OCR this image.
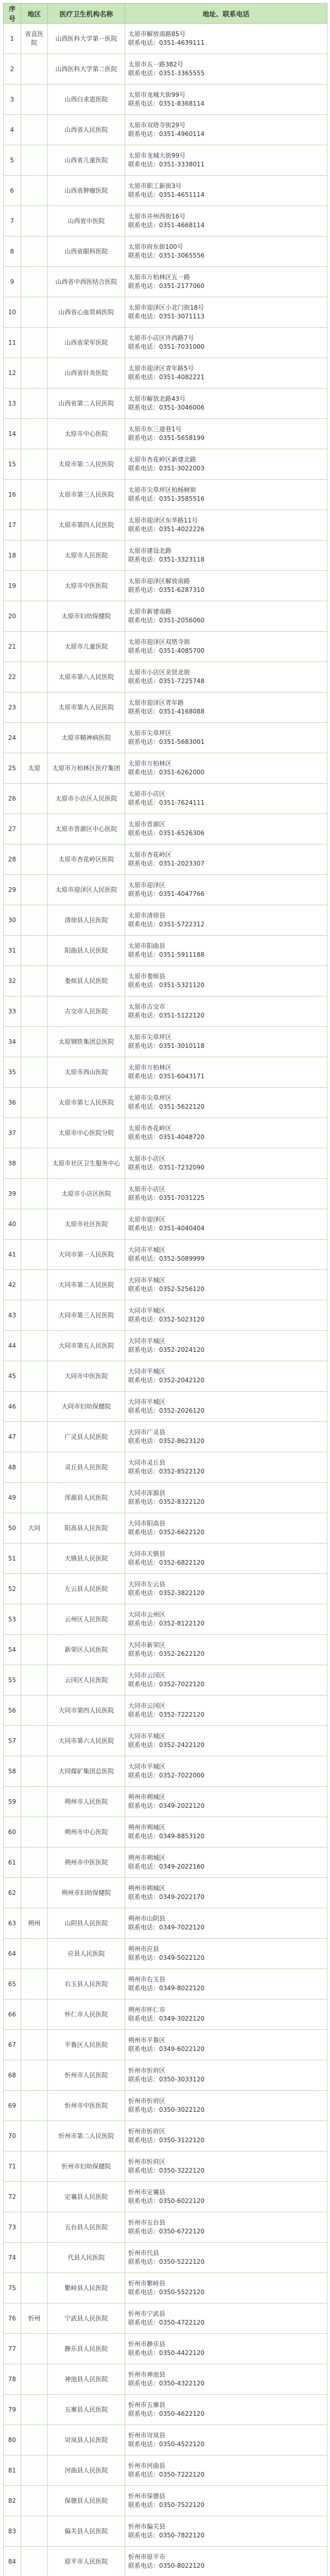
序号	地区	医疗卫生机构名称	地址、联系电话
1	省直医院	山西医科大学第一医院	太原市解放南路85号
联系电话：0351-4639111

2		山西医科大学第二医院	太原市五一路382号
联系电话：0351-3365555

3		山西白求恩医院	太原市龙城大街99号
联系电话：0351-8368114

4		山西省人民医院	太原市双塔寺街29号
联系电话：0351-4960114

5		山西省儿童医院	太原市龙城大街99号
联系电话：0351-3338011

6		山西省肿瘤医院	太原市职工新街3号
联系电话：0351-4651114

7		山西省中医院	太原市并州西街16号
联系电话：0351-4668114

8		山西省眼科医院	太原市府东街100号
联系电话：0351-3065556

9		山西省中西医结合医院	太原市万柏林区五一路
联系电话：0351-2177060

10		山西省心血管病医院	太原市迎泽区小北门街18号
联系电话：0351-3071113

11		山西省荣军医院	太原市小店区许西路7号
联系电话：0351-7031000

12		山西省针灸医院	太原市迎泽区青年路5号
联系电话：0351-4082221

13		山西省第二人民医院	太原市解放北路43号
联系电话：0351-3046006

14		太原市中心医院	太原市东三道巷1号
联系电话：0351-5658199

15		太原市第二人民医院	太原市杏花岭区新建北路
联系电话：0351-3022003

16		太原市第三人民医院	太原市尖草坪区柏杨树街
联系电话：0351-3585516

17		太原市第四人民医院	太原市迎泽区东华路11号
联系电话：0351-4022226

18		太原市人民医院	太原市建设北路
联系电话：0351-3323118

19		太原市中医医院	太原市迎泽区解放南路
联系电话：0351-6287310

20		太原市妇幼保健院	太原市新建南路
联系电话：0351-2056060

21		太原市儿童医院	太原市迎泽区双塔寺街
联系电话：0351-4085700

22		太原市第八人民医院	太原市小店区亲贤北街
联系电话：0351-7225748

23		太原市第九人民医院	太原市迎泽区青年路
联系电话：0351-4168088

24		太原市精神病医院	太原市尖草坪区
联系电话：0351-5683001

25	太原	太原市万柏林区医疗集团	太原市万柏林区
联系电话：0351-6262000

26		太原市小店区人民医院	太原市小店区
联系电话：0351-7624111

27		太原市晋源区中心医院	太原市晋源区
联系电话：0351-6526306

28		太原市杏花岭区医院	太原市杏花岭区
联系电话：0351-2023307

29		太原市迎泽区人民医院	太原市迎泽区
联系电话：0351-4047766

30		清徐县人民医院	太原市清徐县
联系电话：0351-5722312

31		阳曲县人民医院	太原市阳曲县
联系电话：0351-5911188

32		娄烦县人民医院	太原市娄烦县
联系电话：0351-5321120

33		古交市人民医院	太原市古交市
联系电话：0351-5122120

34		太原钢铁集团总医院	太原市尖草坪区
联系电话：0351-3010118

35		太原市西山医院	太原市万柏林区
联系电话：0351-6043171

36		太原市第七人民医院	太原市尖草坪区
联系电话：0351-5622120

37		太原市中心医院分院	太原市杏花岭区
联系电话：0351-4048720

38		太原市社区卫生服务中心	太原市小店区
联系电话：0351-7232090

39		太原市小店区医院	太原市小店区
联系电话：0351-7031225

40		太原市社区医院	太原市迎泽区
联系电话：0351-4040404

41		大同市第一人民医院	大同市平城区
联系电话：0352-5089999

42		大同市第二人民医院	大同市平城区
联系电话：0352-5256120

43		大同市第三人民医院	大同市平城区
联系电话：0352-5023120

44		大同市第五人民医院	大同市平城区
联系电话：0352-2024120

45		大同市中医医院	大同市平城区
联系电话：0352-2042120

46		大同市妇幼保健院	大同市平城区
联系电话：0352-2026120

47		广灵县人民医院	大同市广灵县
联系电话：0352-8623120

48		灵丘县人民医院	大同市灵丘县
联系电话：0352-8522120

49		浑源县人民医院	大同市浑源县
联系电话：0352-8322120

50	大同	阳高县人民医院	大同市阳高县
联系电话：0352-6622120

51		天镇县人民医院	大同市天镇县
联系电话：0352-6822120

52		左云县人民医院	大同市左云县
联系电话：0352-3822120

53		云州区人民医院	大同市云州区
联系电话：0352-8122120

54		新荣区人民医院	大同市新荣区
联系电话：0352-2622120

55		云冈区人民医院	大同市云冈区
联系电话：0352-7022120

56		大同市第四人民医院	大同市云冈区
联系电话：0352-7222120

57		大同市第六人民医院	大同市平城区
联系电话：0352-2422120

58		大同煤矿集团总医院	大同市平城区
联系电话：0352-7022000

59		朔州市人民医院	朔州市朔城区
联系电话：0349-2022120

60		朔州市中心医院	朔州市朔城区
联系电话：0349-8853120

61		朔州市中医医院	朔州市朔城区
联系电话：0349-2022160

62		朔州市妇幼保健院	朔州市朔城区
联系电话：0349-2022170

63	朔州	山阴县人民医院	朔州市山阴县
联系电话：0349-7022120

64		应县人民医院	朔州市应县
联系电话：0349-5022120

65		右玉县人民医院	朔州市右玉县
联系电话：0349-8022120

66		怀仁市人民医院	朔州市怀仁市
联系电话：0349-3022120

67		平鲁区人民医院	朔州市平鲁区
联系电话：0349-6022120

68		忻州市人民医院	忻州市忻府区
联系电话：0350-3033120

69		忻州市中医医院	忻州市忻府区
联系电话：0350-3022120

70		忻州市第二人民医院	忻州市忻府区
联系电话：0350-3122120

71		忻州市妇幼保健院	忻州市忻府区
联系电话：0350-3222120

72		定襄县人民医院	忻州市定襄县
联系电话：0350-6022120

73		五台县人民医院	忻州市五台县
联系电话：0350-6722120

74		代县人民医院	忻州市代县
联系电话：0350-5222120

75		繁峙县人民医院	忻州市繁峙县
联系电话：0350-5522120

76	忻州	宁武县人民医院	忻州市宁武县
联系电话：0350-4722120

77		静乐县人民医院	忻州市静乐县
联系电话：0350-4422120

78		神池县人民医院	忻州市神池县
联系电话：0350-4322120

79		五寨县人民医院	忻州市五寨县
联系电话：0350-4622120

80		岢岚县人民医院	忻州市岢岚县
联系电话：0350-4522120

81		河曲县人民医院	忻州市河曲县
联系电话：0350-7222120

82		保德县人民医院	忻州市保德县
联系电话：0350-7522120

83		偏关县人民医院	忻州市偏关县
联系电话：0350-7822120

84		原平市人民医院	忻州市原平市
联系电话：0350-8022120
